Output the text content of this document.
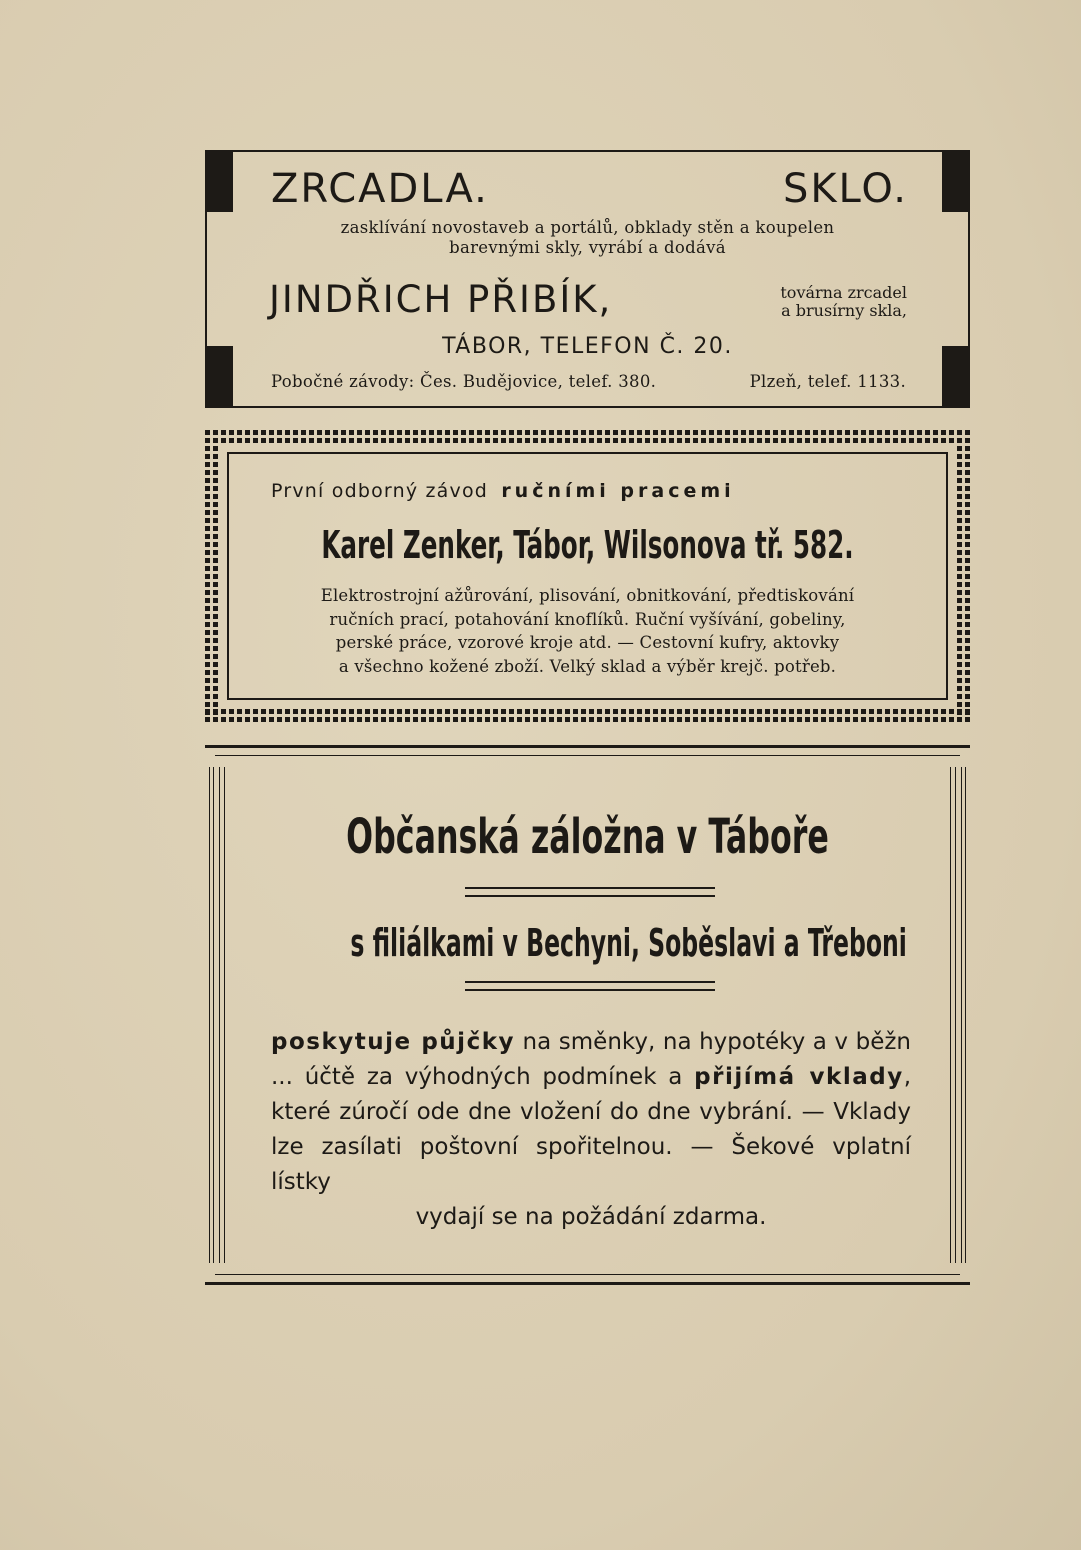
ZRCADLA.	SKLO.
zasklívání novostaveb a portálů, obklady stěn a koupelen
barevnými skly, vyrábí a dodává
JINDŘICH PŘIBÍK,	továrna zrcadel
a brusírny skla,
TÁBOR, TELEFON Č. 20.
Pobočné závody: Čes. Budějovice, telef. 380.	Plzeň, telef. 1133.
První odborný závod ručními pracemi
Karel Zenker, Tábor, Wilsonova tř. 582.
Elektrostrojní ažůrování, plisování, obnitkování, předtiskování
ručních prací, potahování knoflíků. Ruční vyšívání, gobeliny,
perské práce, vzorové kroje atd. — Cestovní kufry, aktovky
a všechno kožené zboží. Velký sklad a výběr krejč. potřeb.
Občanská záložna v Táboře
s filiálkami v Bechyni, Soběslavi a Třeboni
poskytuje půjčky na směnky, na hypotéky a v běžn ... účtě za výhodných podmínek a přijímá vklady, které zúročí ode dne vložení do dne vybrání. — Vklady lze zasílati poštovní spořitelnou. — Šekové vplatní lístky
vydají se na požádání zdarma.
